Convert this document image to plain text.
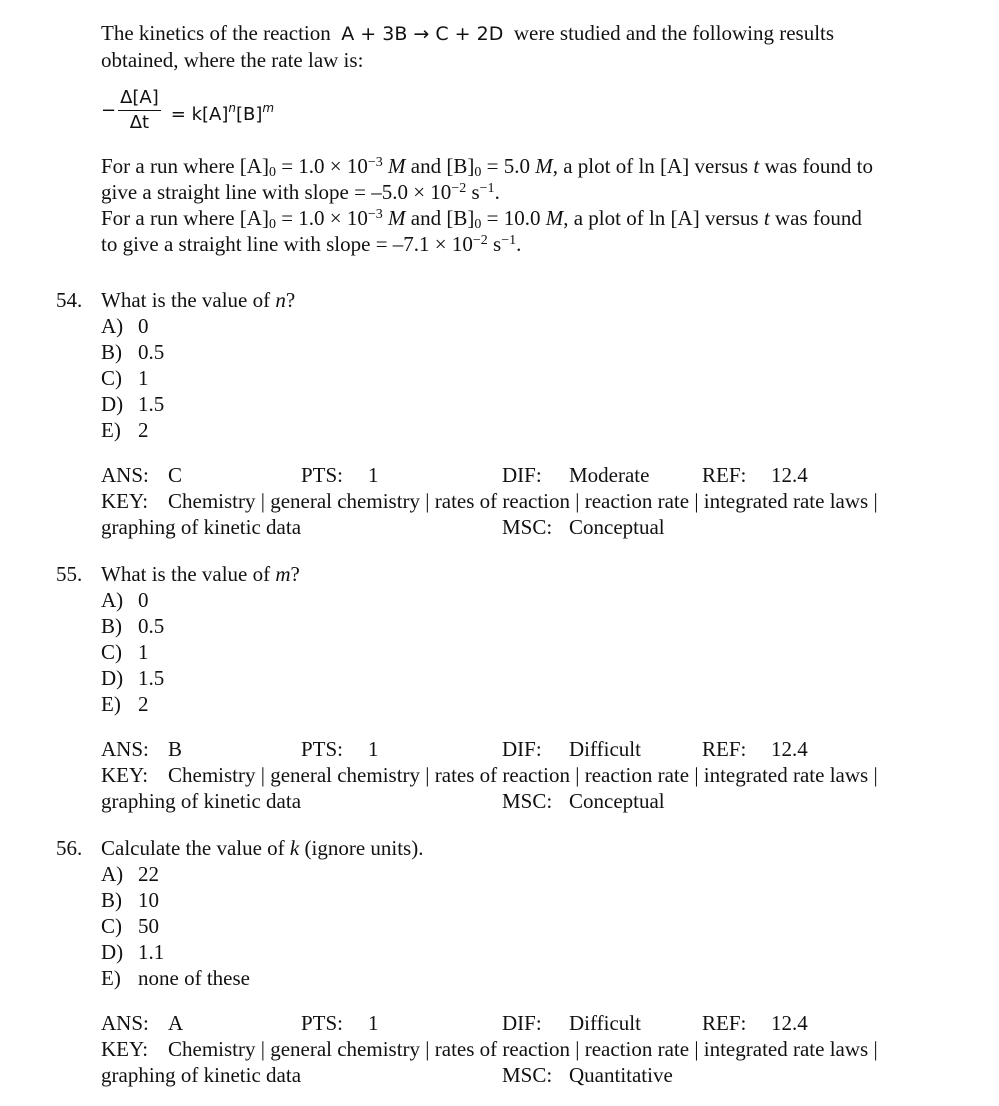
The kinetics of the reaction A + 3B → C + 2D were studied and the following results

obtained, where the rate law is:

− $\frac{\Delta[A]}{\Delta t} = k[A]^n[B]^m$

For a run where $[A]_0 = 1.0 \times 10^{-3}$ M and $[B]_0 = 5.0$ M, a plot of ln [A] versus t was found to
give a straight line with slope = $-5.0 \times 10^{-2}$ $s^{-1}$.

For a run where $[A]_0 = 1.0 \times 10^{-3}$ M and $[B]_0 = 10.0$ M, a plot of ln [A] versus t was found
to give a straight line with slope = $-7.1 \times 10^{-2}$ $s^{-1}$.

54. What is the value of n?
A) 0
B) 0.5
C) 1
D) 1.5
E) 2
ANS: C	PTS: 1	DIF: Moderate	REF: 12.4
KEY: Chemistry | general chemistry | rates of reaction | reaction rate | integrated rate laws |
graphing of kinetic data	MSC: Conceptual
55. What is the value of m?
A) 0
B) 0.5
C) 1
D) 1.5
E) 2
ANS: B	PTS: 1	DIF: Difficult	REF: 12.4
KEY: Chemistry | general chemistry | rates of reaction | reaction rate | integrated rate laws |
graphing of kinetic data	MSC: Conceptual
56. Calculate the value of k (ignore units).
A) 22
B) 10
C) 50
D) 1.1
E) none of these
ANS: A	PTS: 1	DIF: Difficult	REF: 12.4
KEY: Chemistry | general chemistry | rates of reaction | reaction rate | integrated rate laws |
graphing of kinetic data	MSC: Quantitative
